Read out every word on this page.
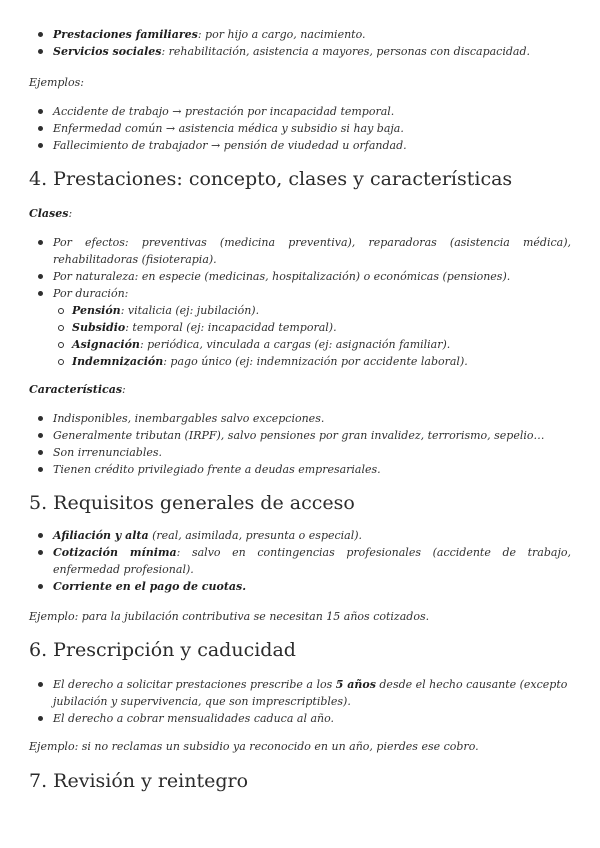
Prestaciones familiares: por hijo a cargo, nacimiento.
Servicios sociales: rehabilitación, asistencia a mayores, personas con discapacidad.

Ejemplos:

Accidente de trabajo → prestación por incapacidad temporal.
Enfermedad común → asistencia médica y subsidio si hay baja.
Fallecimiento de trabajador → pensión de viudedad u orfandad.
4. Prestaciones: concepto, clases y características

Clases:

Por efectos: preventivas (medicina preventiva), reparadoras (asistencia médica), rehabilitadoras (fisioterapia).
Por naturaleza: en especie (medicinas, hospitalización) o económicas (pensiones).
Por duración:
Pensión: vitalicia (ej: jubilación).
Subsidio: temporal (ej: incapacidad temporal).
Asignación: periódica, vinculada a cargas (ej: asignación familiar).
Indemnización: pago único (ej: indemnización por accidente laboral).

Características:

Indisponibles, inembargables salvo excepciones.
Generalmente tributan (IRPF), salvo pensiones por gran invalidez, terrorismo, sepelio…
Son irrenunciables.
Tienen crédito privilegiado frente a deudas empresariales.
5. Requisitos generales de acceso
Afiliación y alta (real, asimilada, presunta o especial).
Cotización mínima: salvo en contingencias profesionales (accidente de trabajo, enfermedad profesional).
Corriente en el pago de cuotas.

Ejemplo: para la jubilación contributiva se necesitan 15 años cotizados.

6. Prescripción y caducidad
El derecho a solicitar prestaciones prescribe a los 5 años desde el hecho causante (excepto jubilación y supervivencia, que son imprescriptibles).
El derecho a cobrar mensualidades caduca al año.

Ejemplo: si no reclamas un subsidio ya reconocido en un año, pierdes ese cobro.

7. Revisión y reintegro
